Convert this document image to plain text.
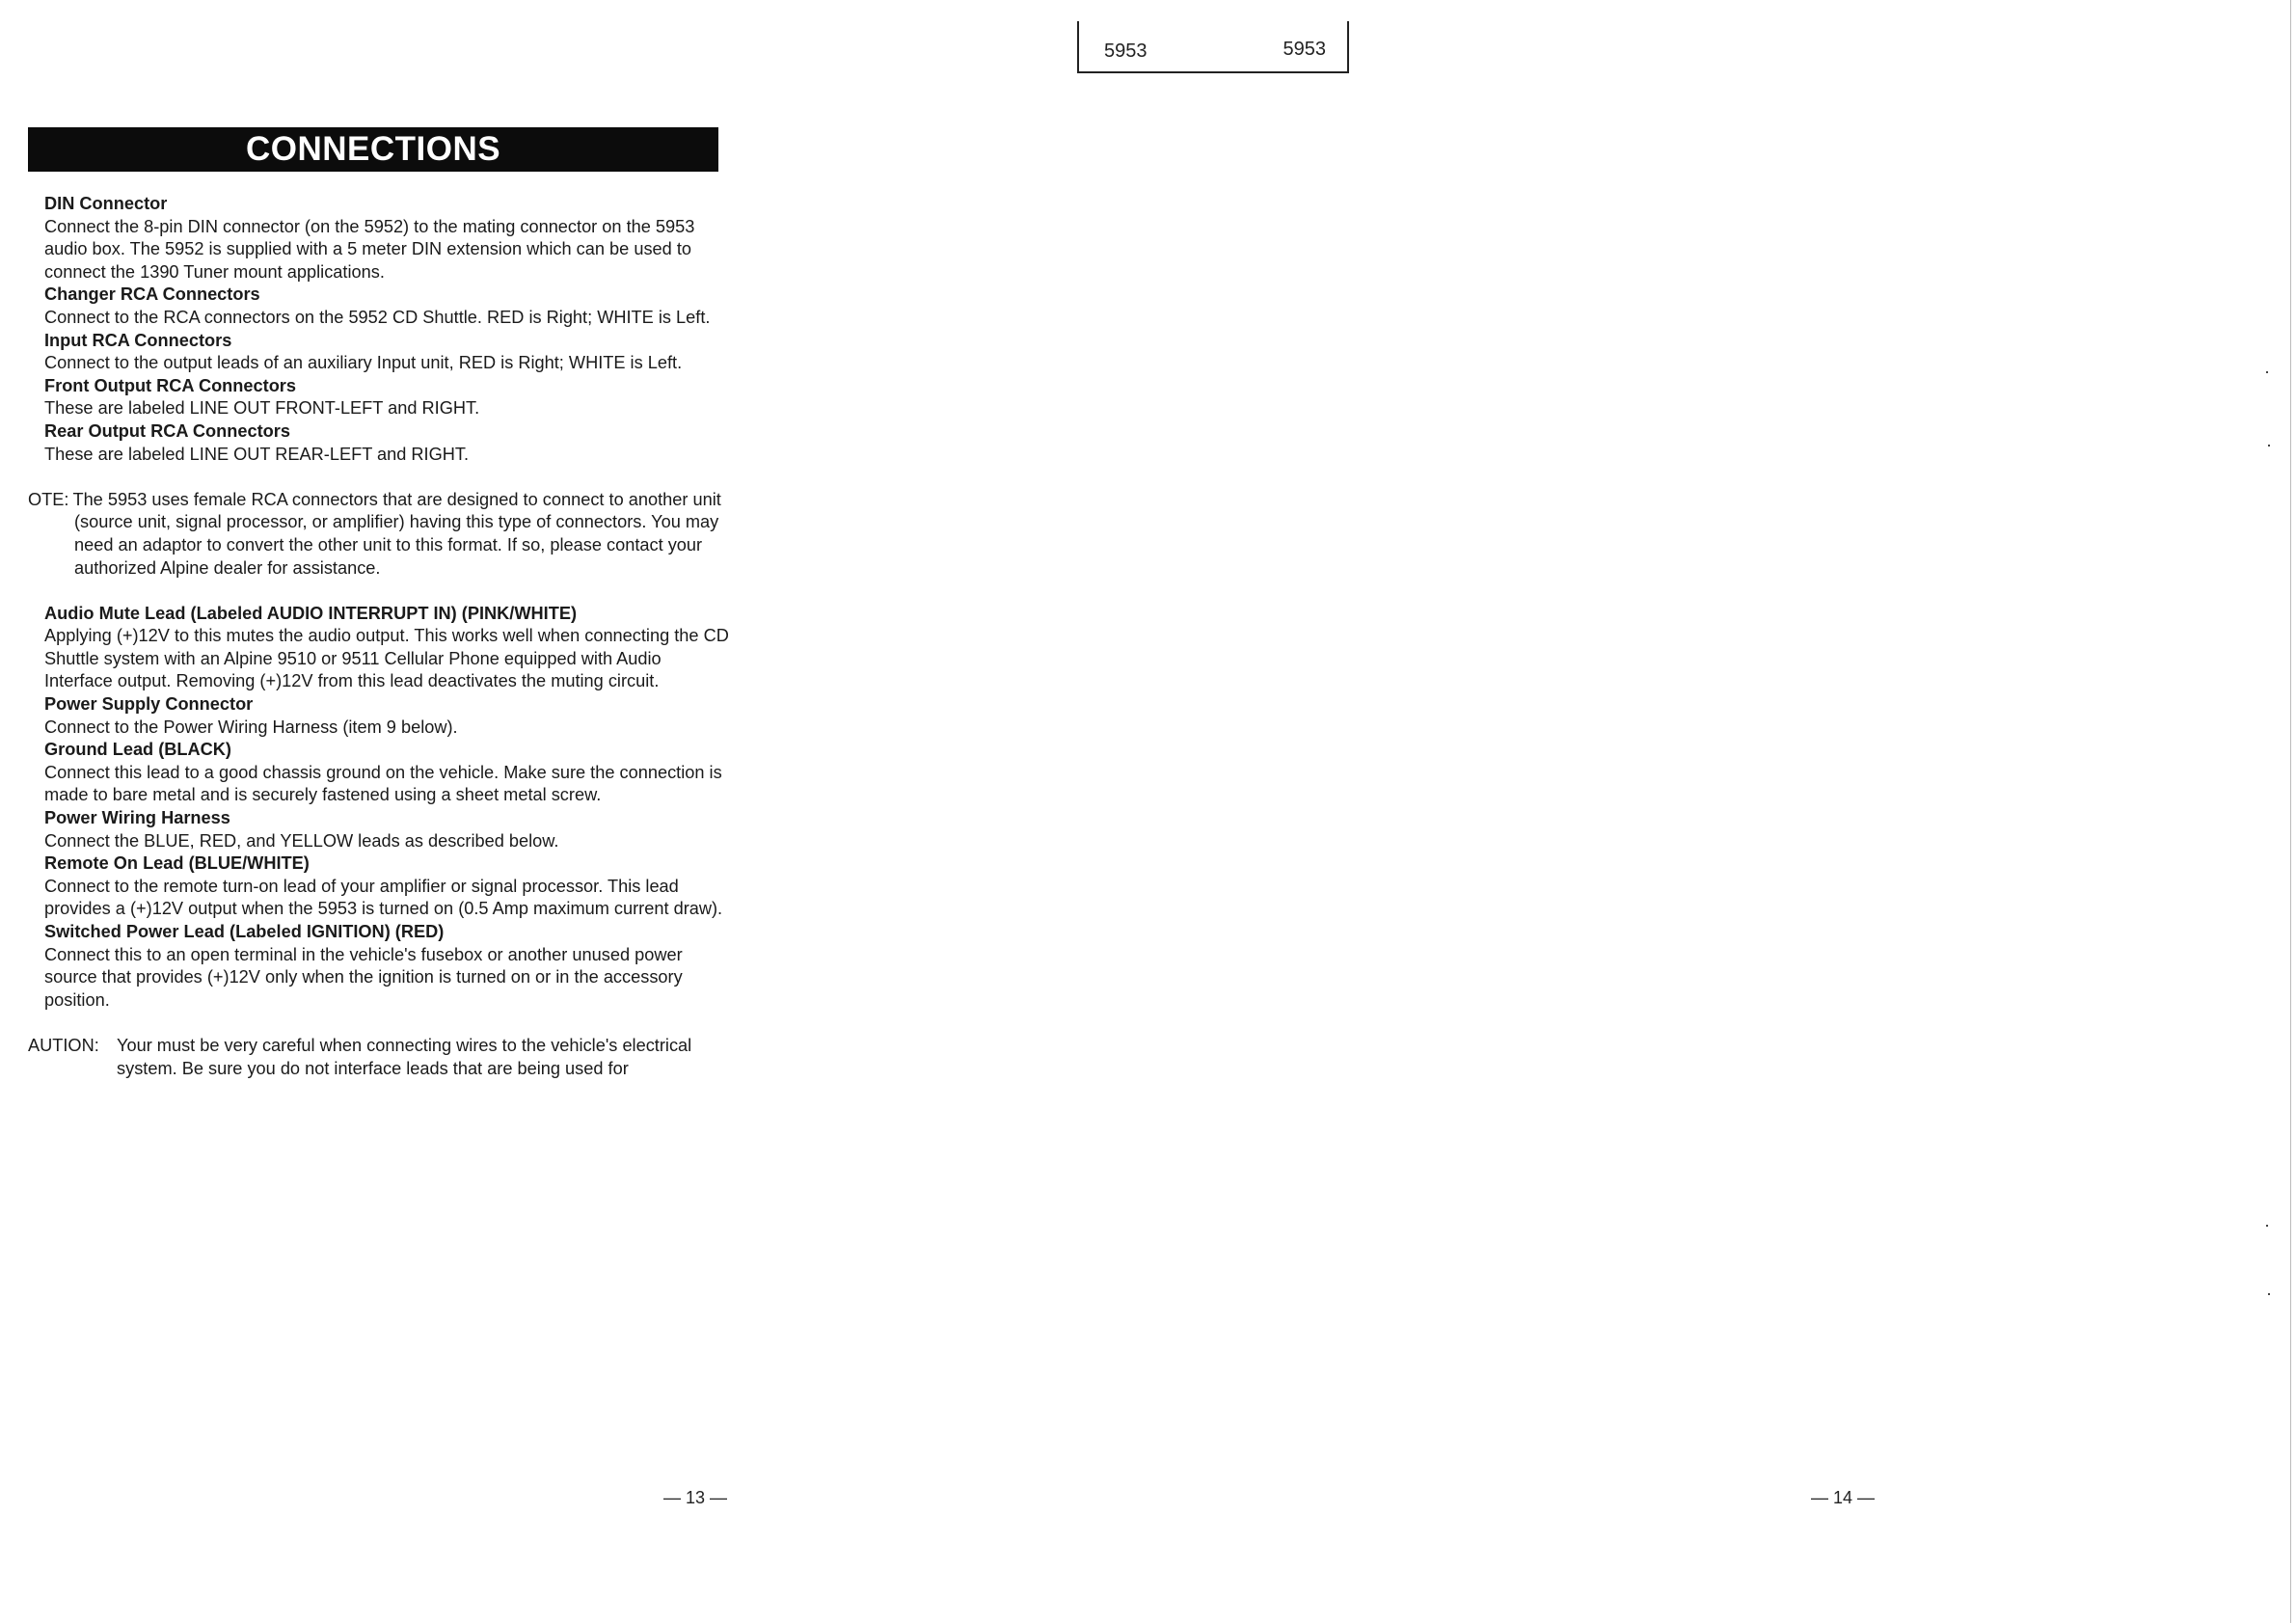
5953	5953
CONNECTIONS
DIN Connector
Connect the 8-pin DIN connector (on the 5952) to the mating connector on the 5953 audio box. The 5952 is supplied with a 5 meter DIN extension which can be used to connect the 1390 Tuner mount applications.
Changer RCA Connectors
Connect to the RCA connectors on the 5952 CD Shuttle. RED is Right; WHITE is Left.
Input RCA Connectors
Connect to the output leads of an auxiliary Input unit, RED is Right; WHITE is Left.
Front Output RCA Connectors
These are labeled LINE OUT FRONT-LEFT and RIGHT.
Rear Output RCA Connectors
These are labeled LINE OUT REAR-LEFT and RIGHT.
OTE: The 5953 uses female RCA connectors that are designed to connect to another unit (source unit, signal processor, or amplifier) having this type of connectors. You may need an adaptor to convert the other unit to this format. If so, please contact your authorized Alpine dealer for assistance.
Audio Mute Lead (Labeled AUDIO INTERRUPT IN) (PINK/WHITE)
Applying (+)12V to this mutes the audio output. This works well when connecting the CD Shuttle system with an Alpine 9510 or 9511 Cellular Phone equipped with Audio Interface output. Removing (+)12V from this lead deactivates the muting circuit.
Power Supply Connector
Connect to the Power Wiring Harness (item 9 below).
Ground Lead (BLACK)
Connect this lead to a good chassis ground on the vehicle. Make sure the connection is made to bare metal and is securely fastened using a sheet metal screw.
Power Wiring Harness
Connect the BLUE, RED, and YELLOW leads as described below.
Remote On Lead (BLUE/WHITE)
Connect to the remote turn-on lead of your amplifier or signal processor. This lead provides a (+)12V output when the 5953 is turned on (0.5 Amp maximum current draw).
Switched Power Lead (Labeled IGNITION) (RED)
Connect this to an open terminal in the vehicle's fusebox or another unused power source that provides (+)12V only when the ignition is turned on or in the accessory position.
AUTION: Your must be very careful when connecting wires to the vehicle's electrical system. Be sure you do not interface leads that are being used for
— 13 —	— 14 —
